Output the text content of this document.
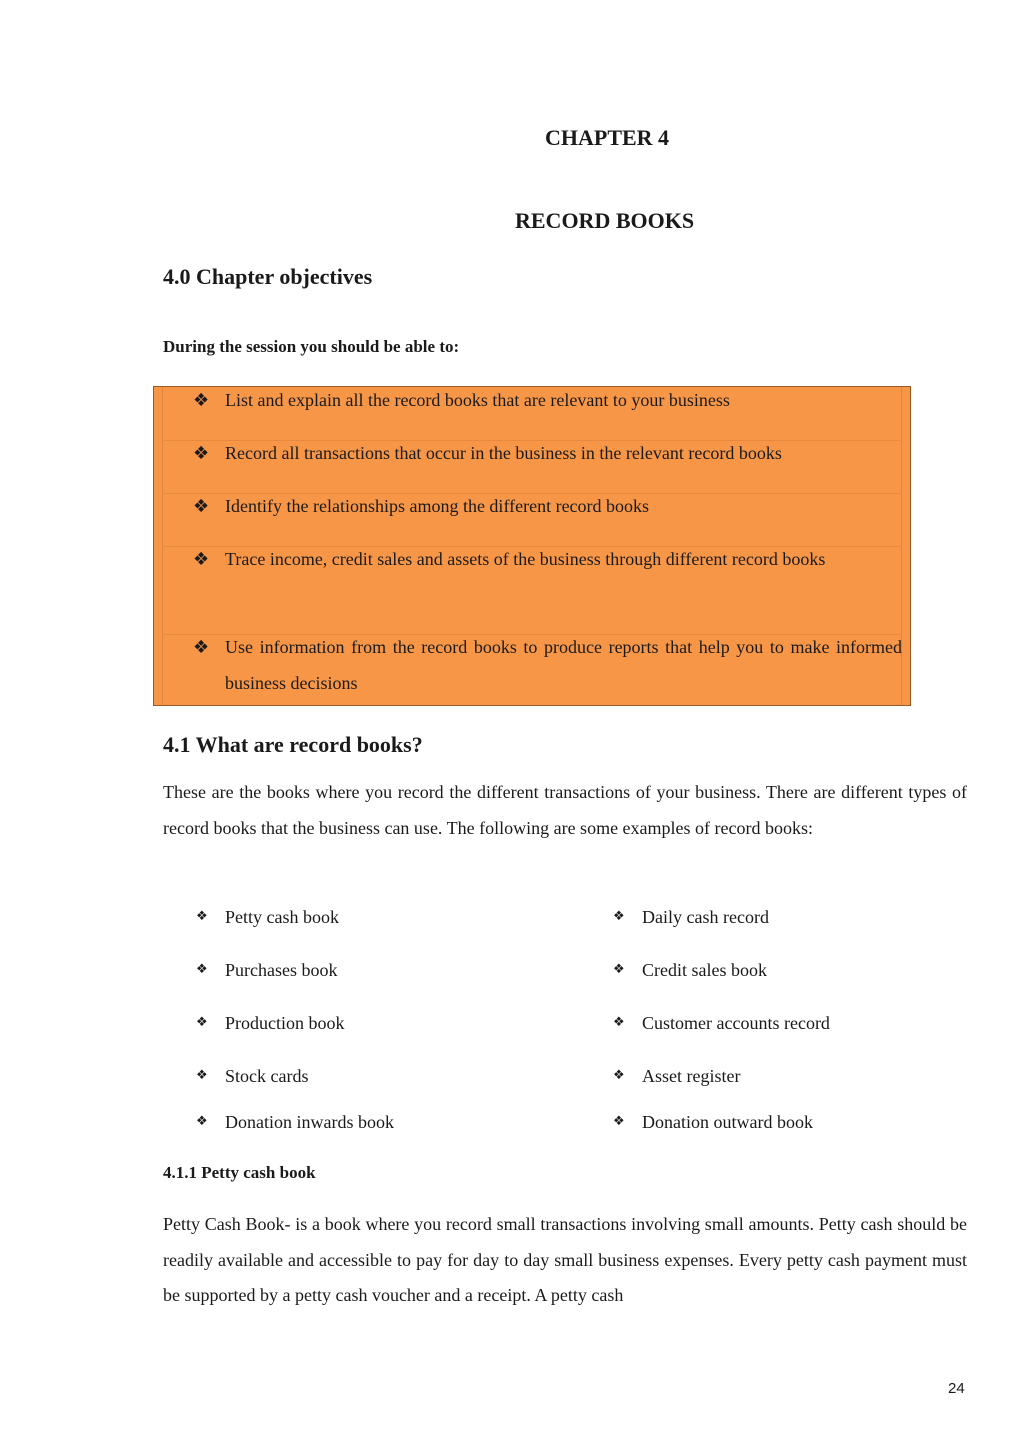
CHAPTER 4
RECORD BOOKS
4.0 Chapter objectives
During the session you should be able to:
❖ List and explain all the record books that are relevant to your business
❖ Record all transactions that occur in the business in the relevant record books
❖ Identify the relationships among the different record books
❖ Trace income, credit sales and assets of the business through different record books
❖ Use information from the record books to produce reports that help you to make informed business decisions
4.1 What are record books?
These are the books where you record the different transactions of your business. There are different types of record books that the business can use. The following are some examples of record books:
❖ Petty cash book
❖ Purchases book
❖ Production book
❖ Stock cards
❖ Donation inwards book
❖ Daily cash record
❖ Credit sales book
❖ Customer accounts record
❖ Asset register
❖ Donation outward book
4.1.1 Petty cash book
Petty Cash Book- is a book where you record small transactions involving small amounts. Petty cash should be readily available and accessible to pay for day to day small business expenses. Every petty cash payment must be supported by a petty cash voucher and a receipt. A petty cash
24
